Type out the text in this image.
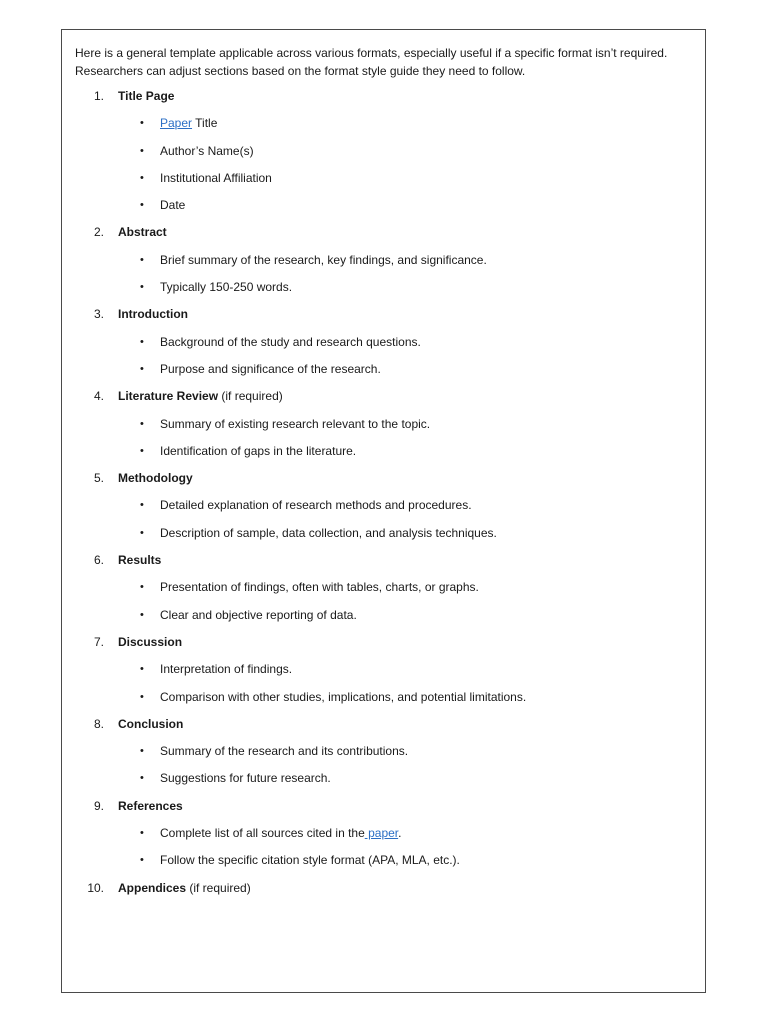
Here is a general template applicable across various formats, especially useful if a specific format isn’t required.
Researchers can adjust sections based on the format style guide they need to follow.

1. Title Page
• Paper Title
• Author’s Name(s)
• Institutional Affiliation
• Date
2. Abstract
• Brief summary of the research, key findings, and significance.
• Typically 150-250 words.
3. Introduction
• Background of the study and research questions.
• Purpose and significance of the research.
4. Literature Review (if required)
• Summary of existing research relevant to the topic.
• Identification of gaps in the literature.
5. Methodology
• Detailed explanation of research methods and procedures.
• Description of sample, data collection, and analysis techniques.
6. Results
• Presentation of findings, often with tables, charts, or graphs.
• Clear and objective reporting of data.
7. Discussion
• Interpretation of findings.
• Comparison with other studies, implications, and potential limitations.
8. Conclusion
• Summary of the research and its contributions.
• Suggestions for future research.
9. References
• Complete list of all sources cited in the paper.
• Follow the specific citation style format (APA, MLA, etc.).
10. Appendices (if required)
